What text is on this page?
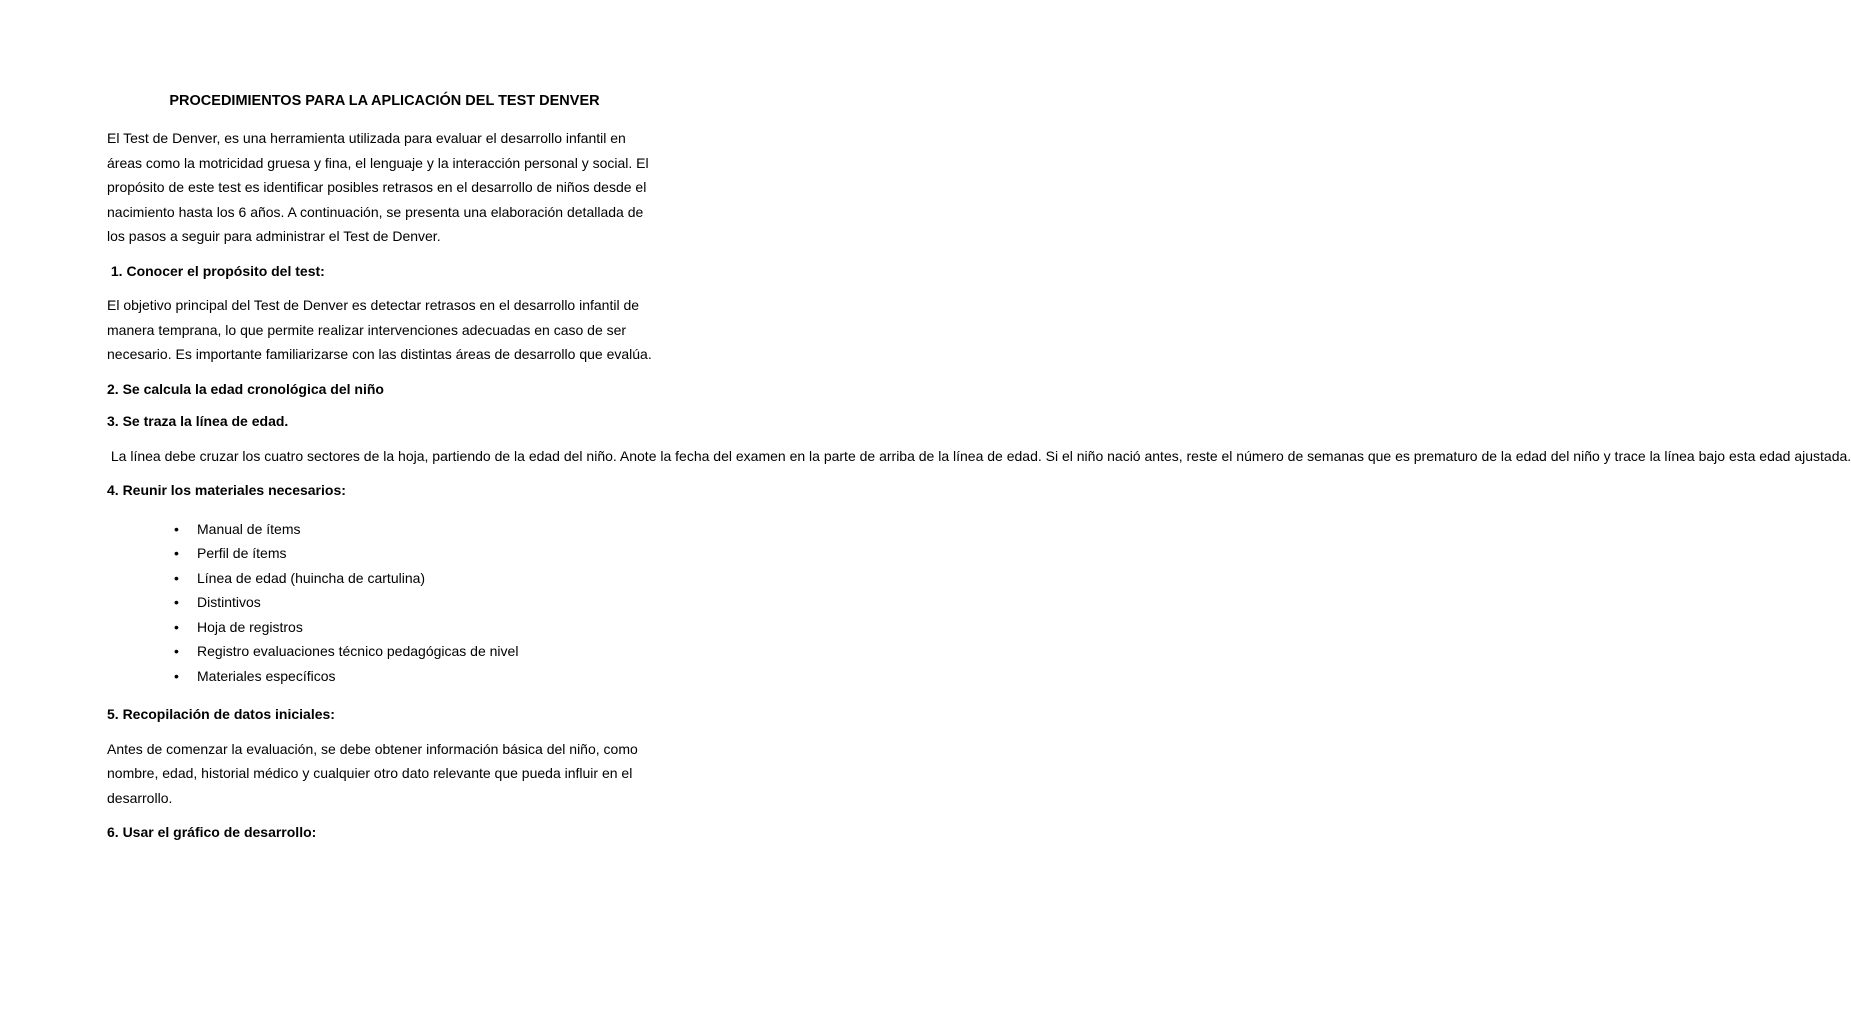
PROCEDIMIENTOS PARA LA APLICACIÓN DEL TEST DENVER

El Test de Denver, es una herramienta utilizada para evaluar el desarrollo infantil en áreas como la motricidad gruesa y fina, el lenguaje y la interacción personal y social. El propósito de este test es identificar posibles retrasos en el desarrollo de niños desde el nacimiento hasta los 6 años. A continuación, se presenta una elaboración detallada de los pasos a seguir para administrar el Test de Denver.

1. Conocer el propósito del test:

El objetivo principal del Test de Denver es detectar retrasos en el desarrollo infantil de manera temprana, lo que permite realizar intervenciones adecuadas en caso de ser necesario. Es importante familiarizarse con las distintas áreas de desarrollo que evalúa.

2. Se calcula la edad cronológica del niño
3. Se traza la línea de edad.

La línea debe cruzar los cuatro sectores de la hoja, partiendo de la edad del niño. Anote la fecha del examen en la parte de arriba de la línea de edad. Si el niño nació antes, reste el número de semanas que es prematuro de la edad del niño y trace la línea bajo esta edad ajustada.

4. Reunir los materiales necesarios:
• Manual de ítems
• Perfil de ítems
• Línea de edad (huincha de cartulina)
• Distintivos
• Hoja de registros
• Registro evaluaciones técnico pedagógicas de nivel
• Materiales específicos
5. Recopilación de datos iniciales:

Antes de comenzar la evaluación, se debe obtener información básica del niño, como nombre, edad, historial médico y cualquier otro dato relevante que pueda influir en el desarrollo.

6. Usar el gráfico de desarrollo:
